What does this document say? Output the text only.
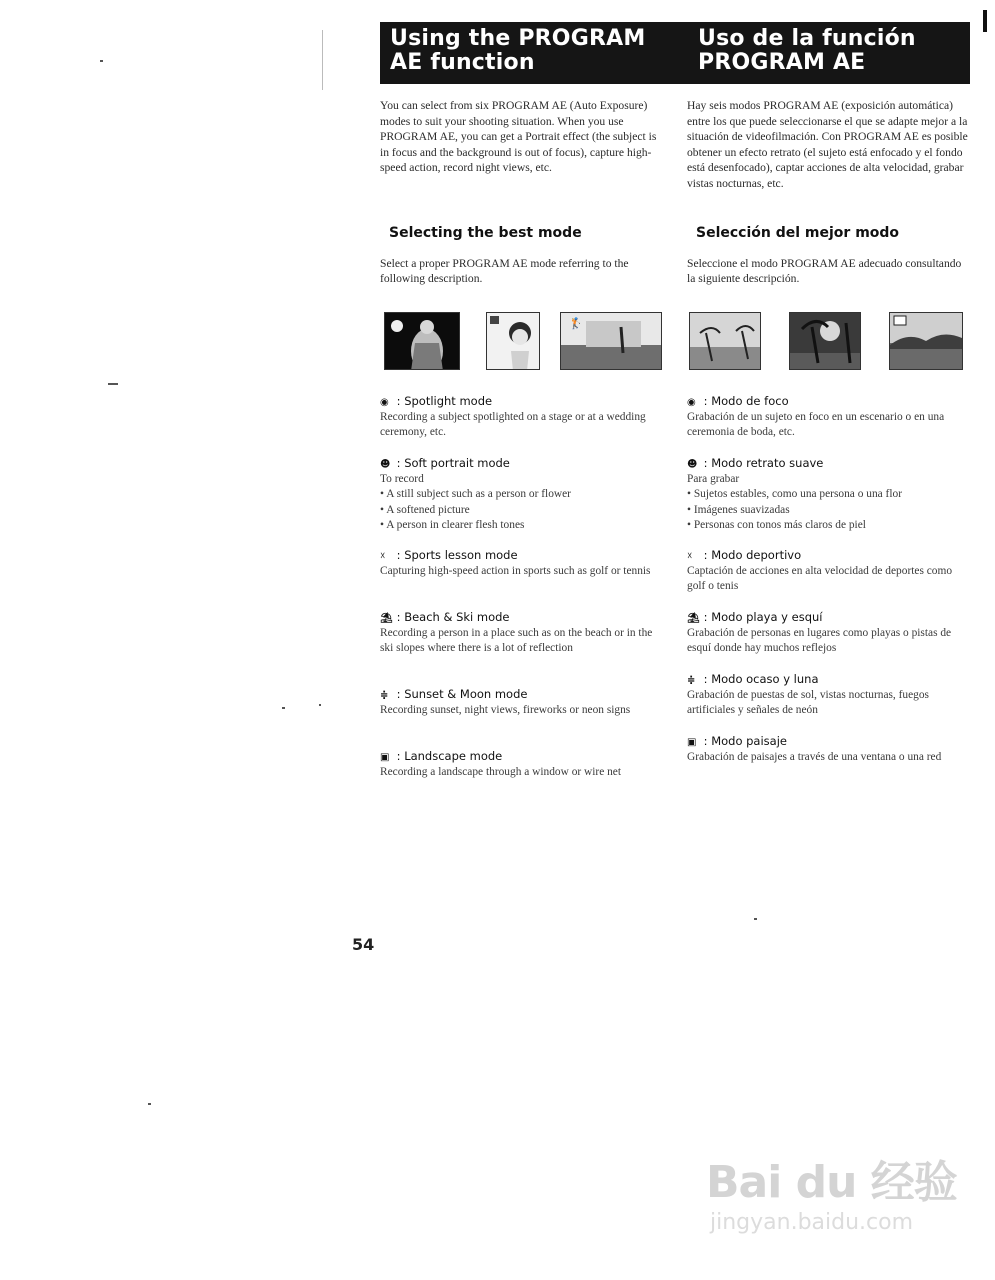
Using the PROGRAM
AE function
Uso de la función
PROGRAM AE

You can select from six PROGRAM AE (Auto Exposure) modes to suit your shooting situation. When you use PROGRAM AE, you can get a Portrait effect (the subject is in focus and the background is out of focus), capture high-speed action, record night views, etc.

Selecting the best mode

Select a proper PROGRAM AE mode referring to the following description.

🏌
◉ : Spotlight mode
Recording a subject spotlighted on a stage or at a wedding ceremony, etc.
☻ : Soft portrait mode
To record
• A still subject such as a person or flower
• A softened picture
• A person in clearer flesh tones
☓ : Sports lesson mode
Capturing high-speed action in sports such as golf or tennis
⛱ : Beach & Ski mode
Recording a person in a place such as on the beach or in the ski slopes where there is a lot of reflection
≑ : Sunset & Moon mode
Recording sunset, night views, fireworks or neon signs
▣ : Landscape mode
Recording a landscape through a window or wire net

Hay seis modos PROGRAM AE (exposición automática) entre los que puede seleccionarse el que se adapte mejor a la situación de videofilmación. Con PROGRAM AE es posible obtener un efecto retrato (el sujeto está enfocado y el fondo está desenfocado), captar acciones de alta velocidad, grabar vistas nocturnas, etc.

Selección del mejor modo

Seleccione el modo PROGRAM AE adecuado consultando la siguiente descripción.

◉ : Modo de foco
Grabación de un sujeto en foco en un escenario o en una ceremonia de boda, etc.
☻ : Modo retrato suave
Para grabar
• Sujetos estables, como una persona o una flor
• Imágenes suavizadas
• Personas con tonos más claros de piel
☓ : Modo deportivo
Captación de acciones en alta velocidad de deportes como golf o tenis
⛱ : Modo playa y esquí
Grabación de personas en lugares como playas o pistas de esquí donde hay muchos reflejos
≑ : Modo ocaso y luna
Grabación de puestas de sol, vistas nocturnas, fuegos artificiales y señales de neón
▣ : Modo paisaje
Grabación de paisajes a través de una ventana o una red
54
Bai du 经验
jingyan.baidu.com
